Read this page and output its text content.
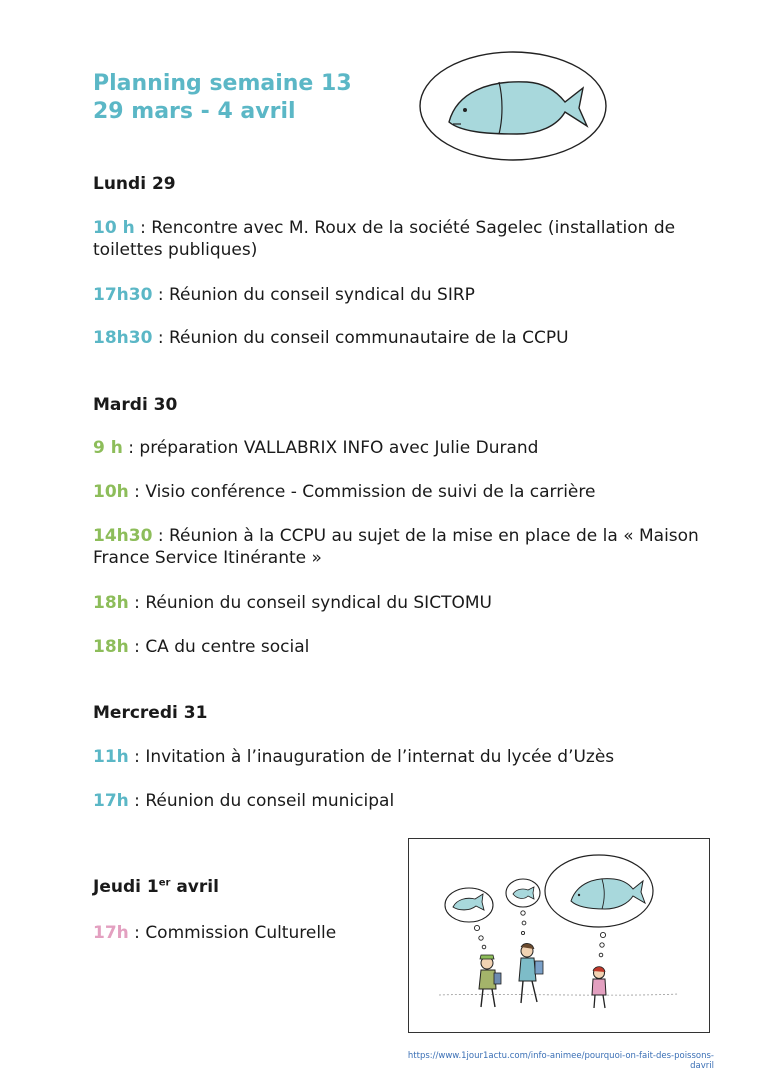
Planning semaine 13
29 mars - 4 avril
Lundi 29
10 h : Rencontre avec M. Roux de la société Sagelec (installation de toilettes publiques)
17h30 : Réunion du conseil syndical du SIRP
18h30 : Réunion du conseil communautaire de la CCPU
Mardi 30
9 h : préparation VALLABRIX INFO avec Julie Durand
10h : Visio conférence - Commission de suivi de la carrière
14h30 : Réunion à la CCPU au sujet de la mise en place de la « Maison France Service Itinérante »
18h : Réunion du conseil syndical du SICTOMU
18h : CA du centre social
Mercredi 31
11h : Invitation à l’inauguration de l’internat du lycée d’Uzès
17h : Réunion du conseil municipal
Jeudi 1er avril
17h : Commission Culturelle
https://www.1jour1actu.com/info-animee/pourquoi-on-fait-des-poissons-davril
